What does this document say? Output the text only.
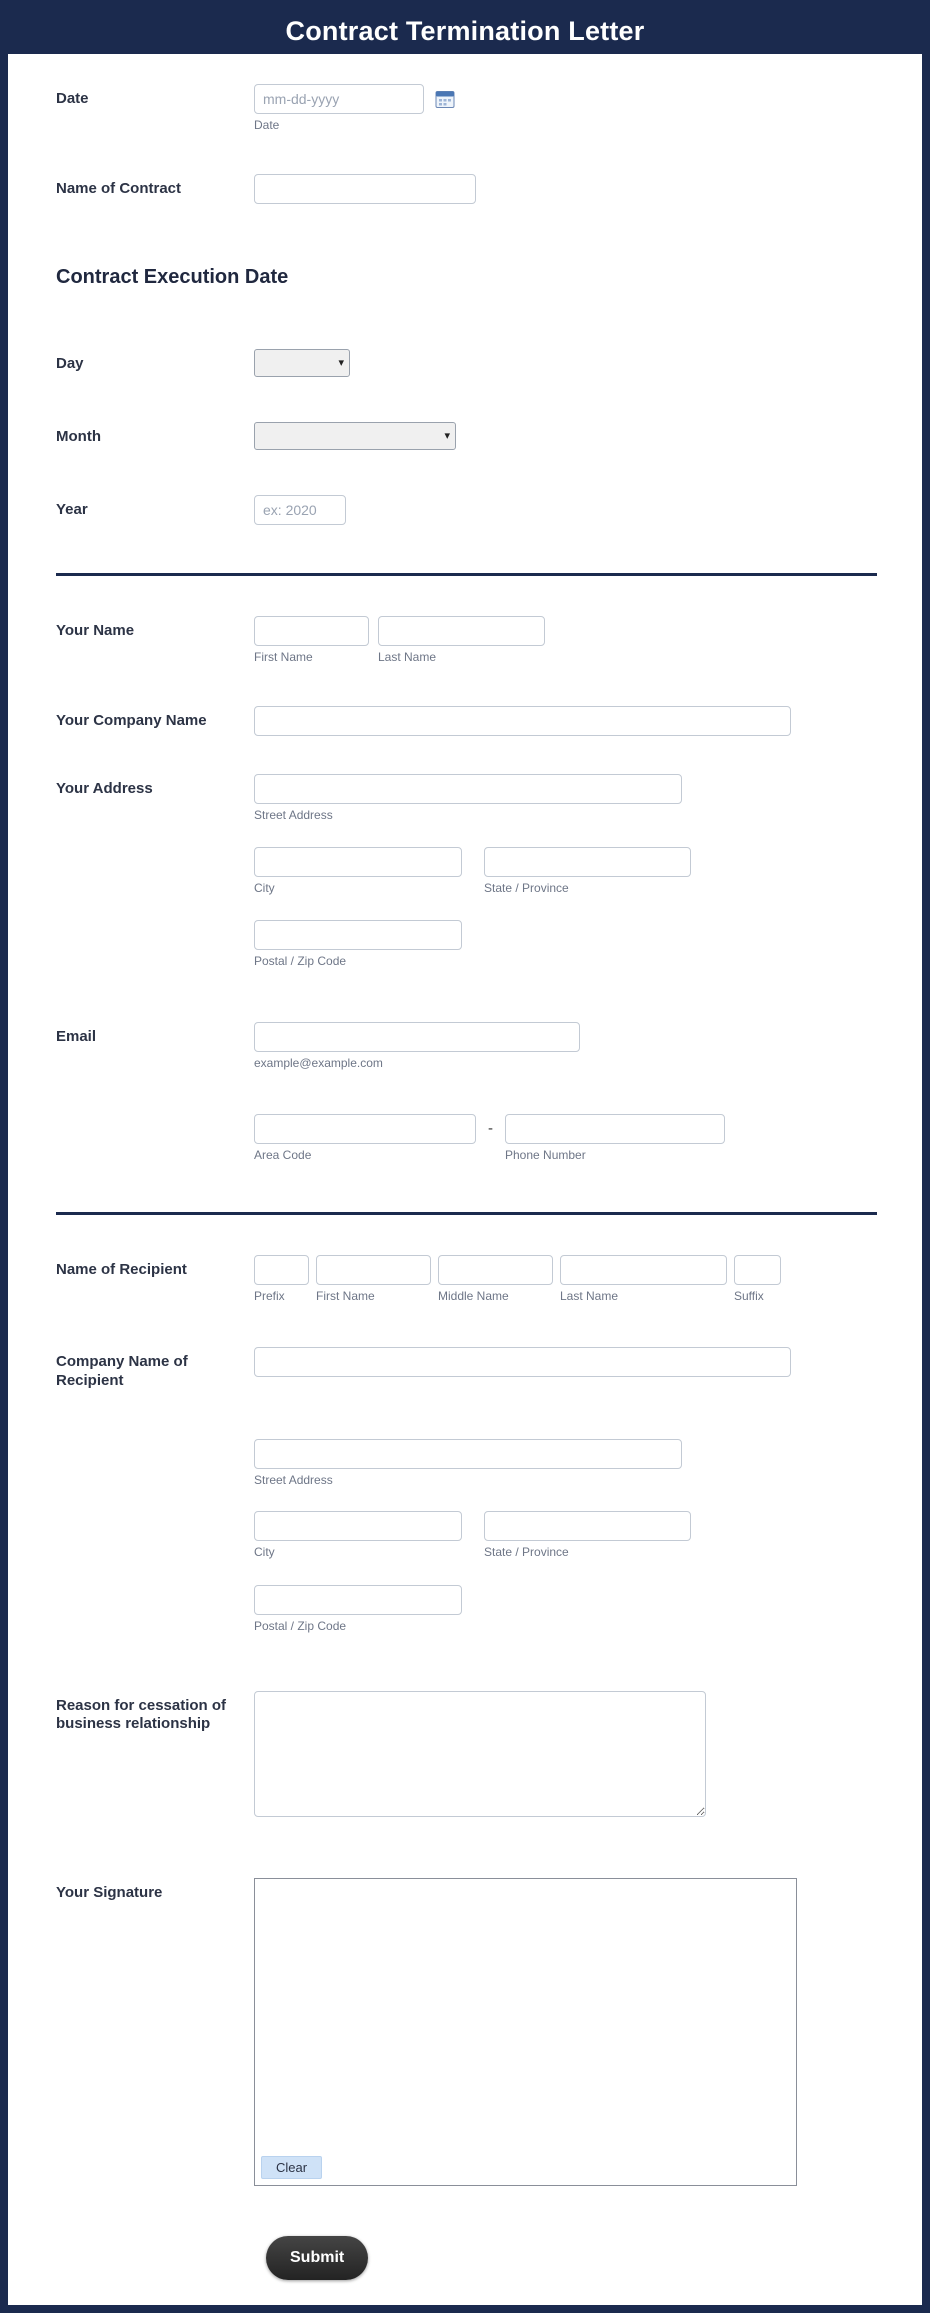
Contract Termination Letter
Date
mm-dd-yyyy
Date
Name of Contract
Contract Execution Date
Day	▾
Month	▾
Year
ex: 2020
Your Name
First Name	Last Name
Your Company Name
Your Address
Street Address
City	State / Province
Postal / Zip Code
Email
example@example.com
Area Code
-
Phone Number
Name of Recipient
Prefix	First Name	Middle Name	Last Name	Suffix
Company Name of Recipient
Street Address
City	State / Province
Postal / Zip Code
Reason for cessation of business relationship
Your Signature
Clear
Submit
